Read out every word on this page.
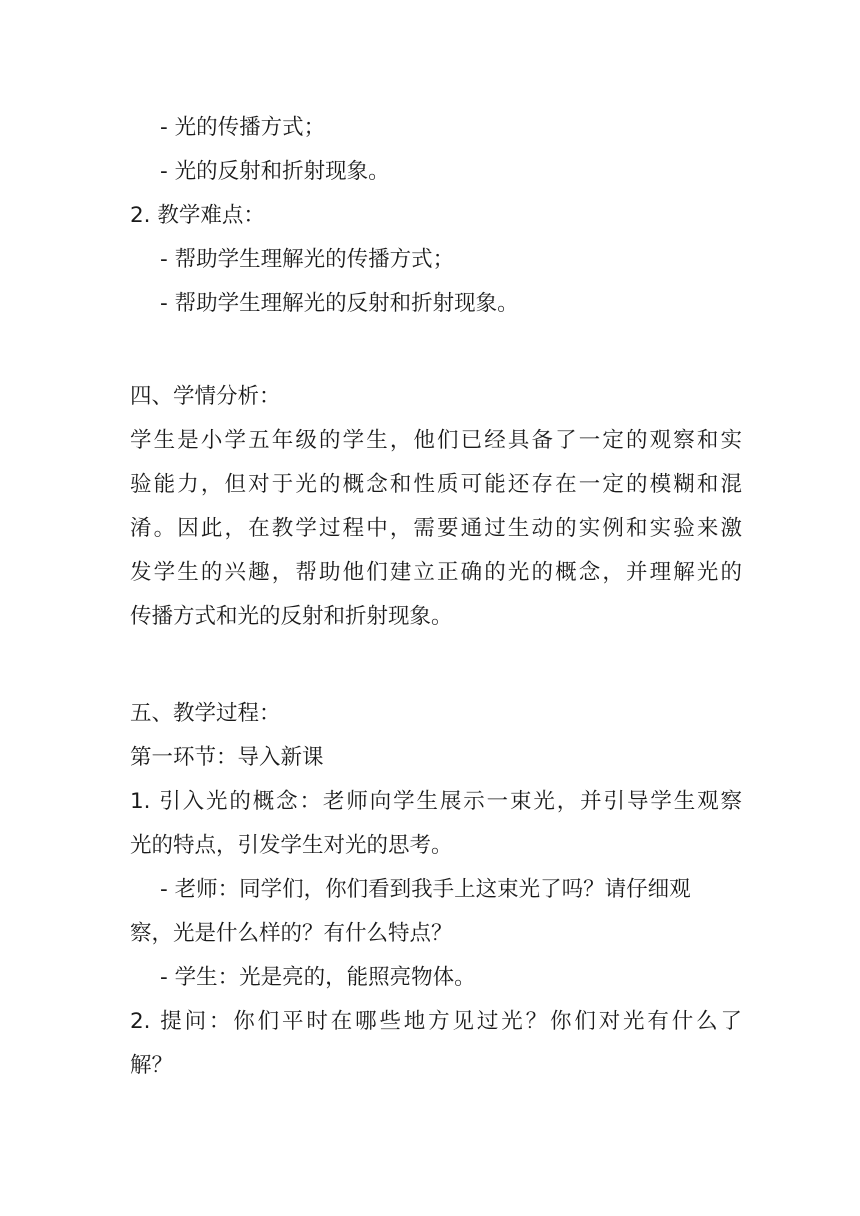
- 光的传播方式；
- 光的反射和折射现象。
2. 教学难点：
- 帮助学生理解光的传播方式；
- 帮助学生理解光的反射和折射现象。
四、学情分析：
学生是小学五年级的学生，他们已经具备了一定的观察和实
验能力，但对于光的概念和性质可能还存在一定的模糊和混
淆。因此，在教学过程中，需要通过生动的实例和实验来激
发学生的兴趣，帮助他们建立正确的光的概念，并理解光的
传播方式和光的反射和折射现象。
五、教学过程：
第一环节：导入新课
1. 引入光的概念：老师向学生展示一束光，并引导学生观察
光的特点，引发学生对光的思考。
- 老师：同学们，你们看到我手上这束光了吗？请仔细观
察，光是什么样的？有什么特点？
- 学生：光是亮的，能照亮物体。
2. 提问：你们平时在哪些地方见过光？你们对光有什么了
解？
